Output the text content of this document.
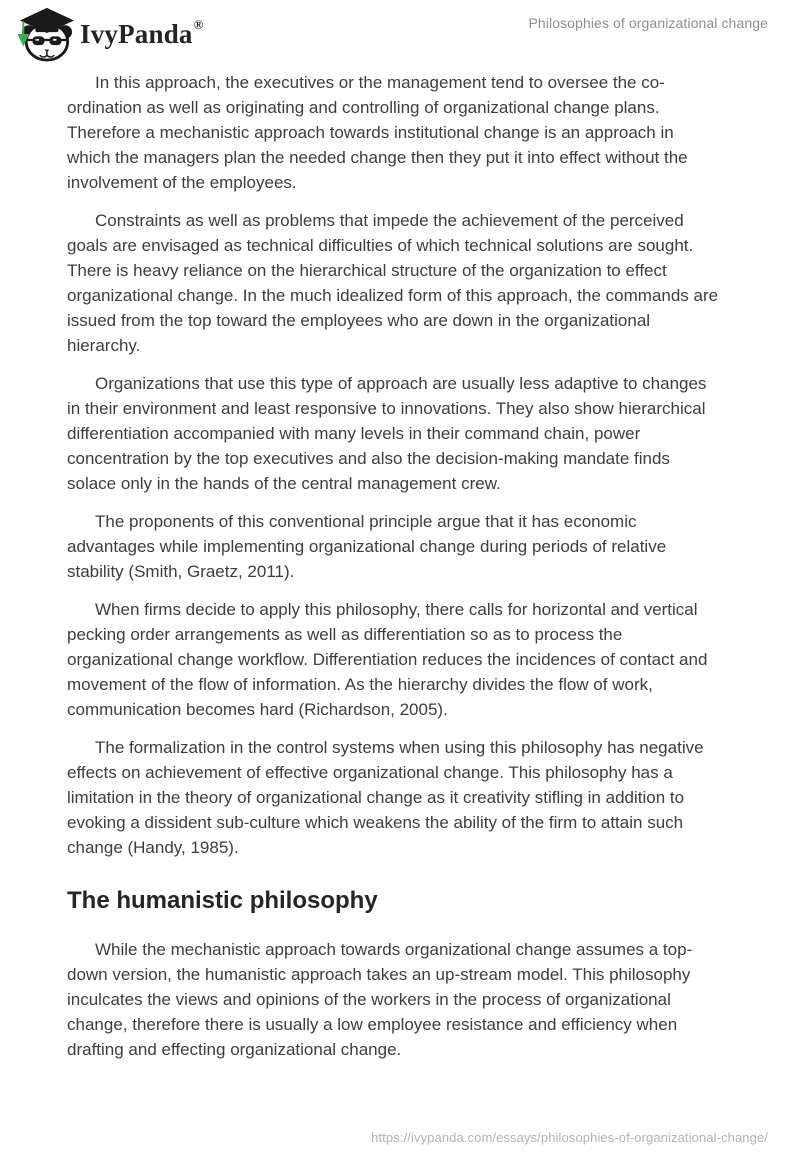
IvyPanda ®	Philosophies of organizational change

In this approach, the executives or the management tend to oversee the co-ordination as well as originating and controlling of organizational change plans. Therefore a mechanistic approach towards institutional change is an approach in which the managers plan the needed change then they put it into effect without the involvement of the employees.

Constraints as well as problems that impede the achievement of the perceived goals are envisaged as technical difficulties of which technical solutions are sought. There is heavy reliance on the hierarchical structure of the organization to effect organizational change. In the much idealized form of this approach, the commands are issued from the top toward the employees who are down in the organizational hierarchy.

Organizations that use this type of approach are usually less adaptive to changes in their environment and least responsive to innovations. They also show hierarchical differentiation accompanied with many levels in their command chain, power concentration by the top executives and also the decision-making mandate finds solace only in the hands of the central management crew.

The proponents of this conventional principle argue that it has economic advantages while implementing organizational change during periods of relative stability (Smith, Graetz, 2011).

When firms decide to apply this philosophy, there calls for horizontal and vertical pecking order arrangements as well as differentiation so as to process the organizational change workflow. Differentiation reduces the incidences of contact and movement of the flow of information. As the hierarchy divides the flow of work, communication becomes hard (Richardson, 2005).

The formalization in the control systems when using this philosophy has negative effects on achievement of effective organizational change. This philosophy has a limitation in the theory of organizational change as it creativity stifling in addition to evoking a dissident sub-culture which weakens the ability of the firm to attain such change (Handy, 1985).

The humanistic philosophy

While the mechanistic approach towards organizational change assumes a top-down version, the humanistic approach takes an up-stream model. This philosophy inculcates the views and opinions of the workers in the process of organizational change, therefore there is usually a low employee resistance and efficiency when drafting and effecting organizational change.

https://ivypanda.com/essays/philosophies-of-organizational-change/
